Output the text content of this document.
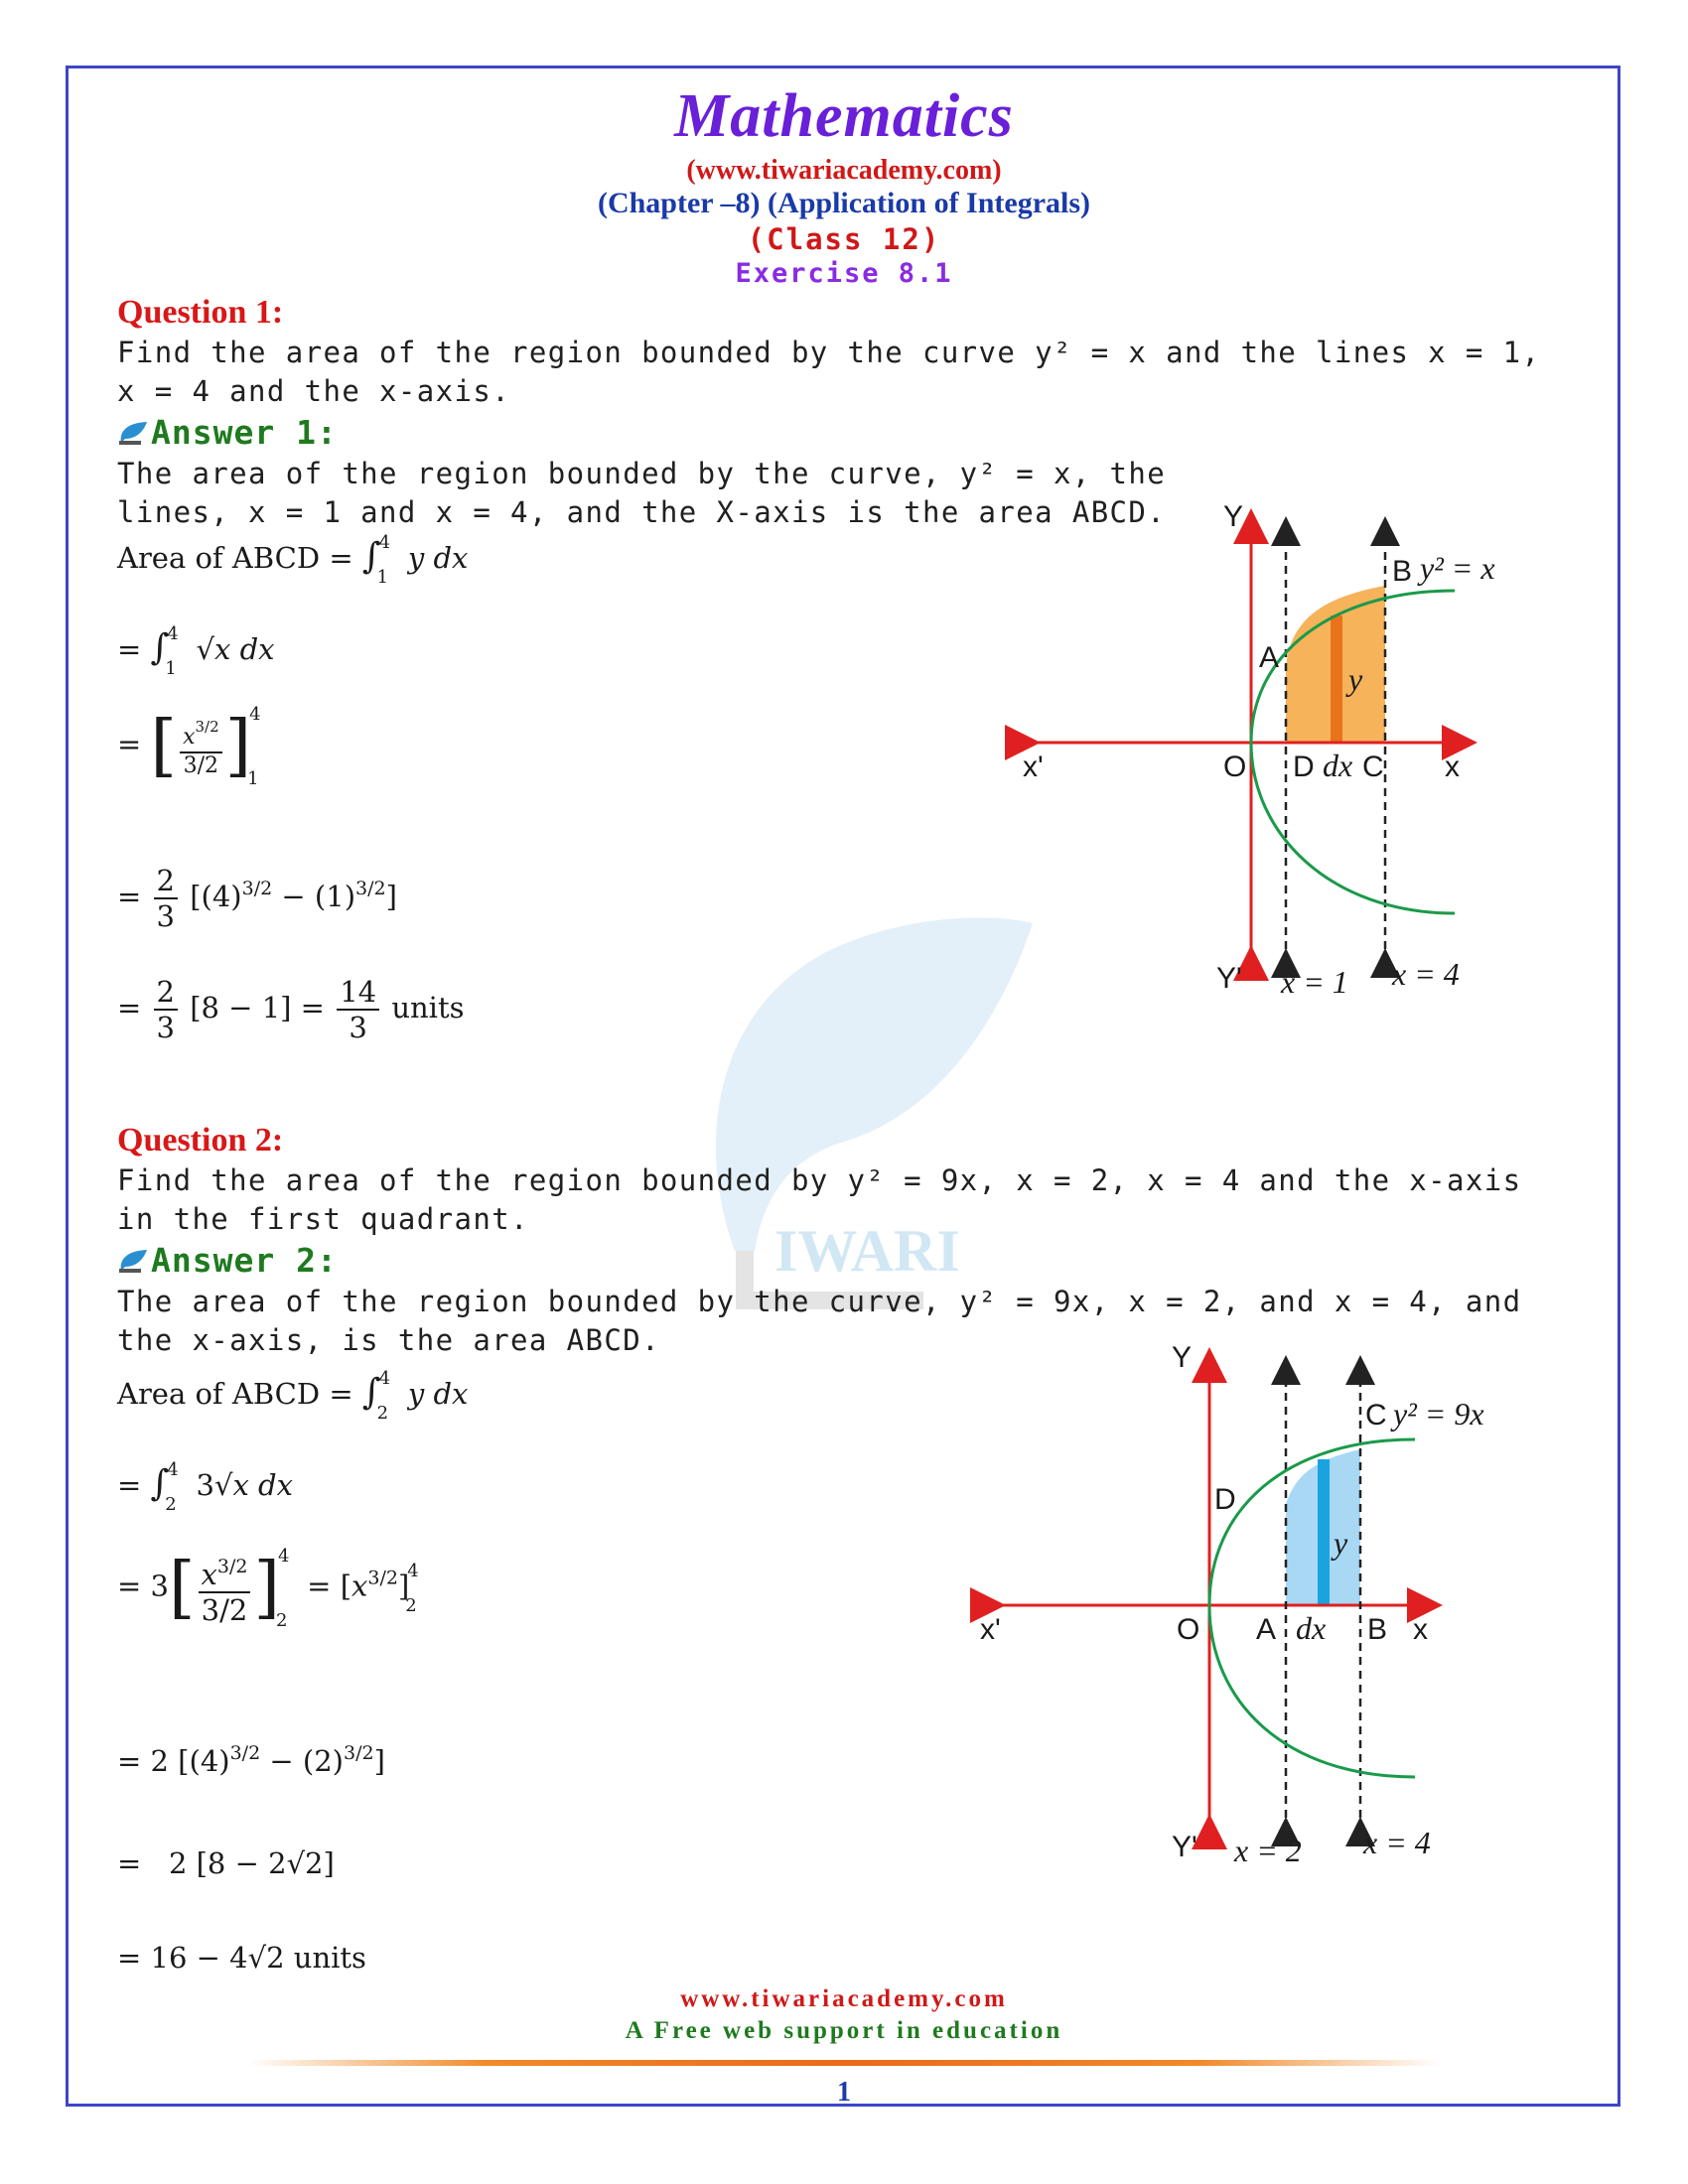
IWARI
Mathematics
(www.tiwariacademy.com)
(Chapter –8) (Application of Integrals)
(Class 12)
Exercise 8.1
Question 1:
Find the area of the region bounded by the curve y² = x and the lines x = 1, x = 4 and the x-axis.
Answer 1:
The area of the region bounded by the curve, y² = x, the lines, x = 1 and x = 4, and the X-axis is the area ABCD.
Area of ABCD = ∫
4
1
y dx
= ∫
4
1
√x dx
= [ $\frac{x^{3/2}}{3/2}$ ]
4
1
= $\frac{2}{3} [(4)^{3/2} - (1)^{3/2}]$
= $\frac{2}{3} [8 - 1] = \frac{14}{3}$ units
Y
Y'
x'	x
O
A
B
C
D dx
y
y² = x
x = 1 x = 4
Question 2:
Find the area of the region bounded by y² = 9x, x = 2, x = 4 and the x-axis in the first quadrant.
Answer 2:
The area of the region bounded by the curve, y² = 9x, x = 2, and x = 4, and the x-axis, is the area ABCD.
Area of ABCD = ∫
4
2
y dx
= ∫
4
2
3√x dx
= $3[ \frac{x^{3/2}}{3/2}$ ]
4
2
= $[x^{3/2}]$
4
2
= 2 $[(4)^{3/2} - (2)^{3/2}]$
=   2 [8 − 2√2]
= 16 − 4√2 units
Y
Y'
x'	x
O A	B
C
D
dx
y
y² = 9x
x = 2 x = 4
www.tiwariacademy.com
A Free web support in education
1
